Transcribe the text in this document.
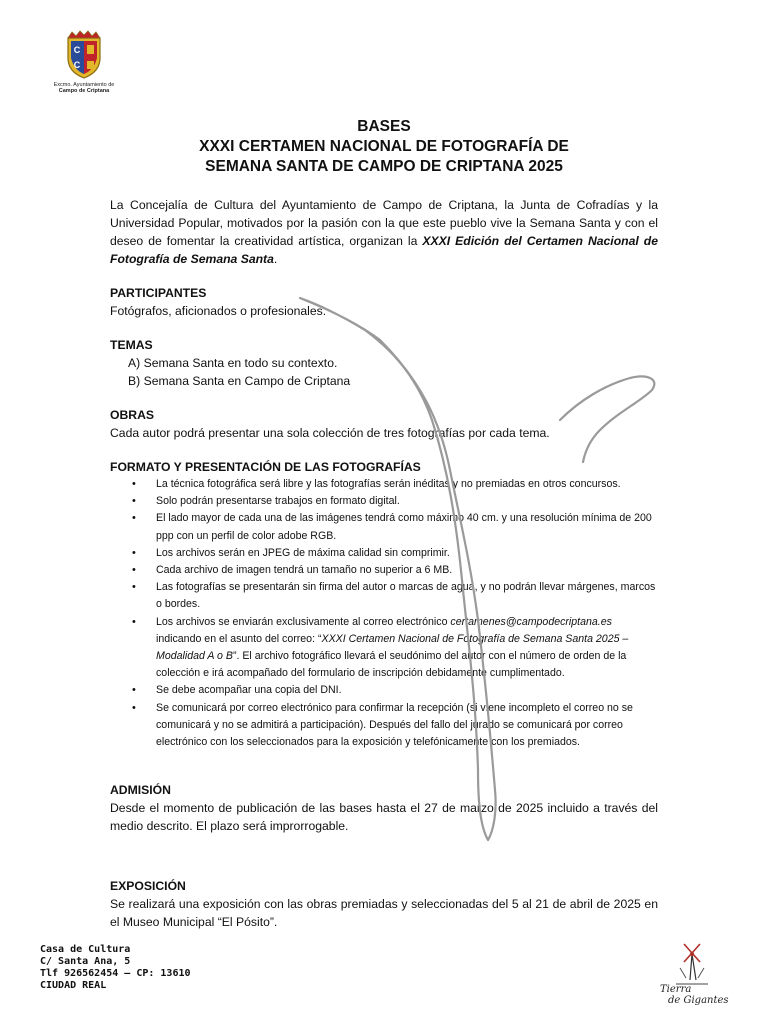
C
C
Excmo. Ayuntamiento de
Campo de Criptana
BASES
XXXI CERTAMEN NACIONAL DE FOTOGRAFÍA DE
SEMANA SANTA DE CAMPO DE CRIPTANA 2025

La Concejalía de Cultura del Ayuntamiento de Campo de Criptana, la Junta de Cofradías y la Universidad Popular, motivados por la pasión con la que este pueblo vive la Semana Santa y con el deseo de fomentar la creatividad artística, organizan la XXXI Edición del Certamen Nacional de Fotografía de Semana Santa.

PARTICIPANTES

Fotógrafos, aficionados o profesionales.

TEMAS

A) Semana Santa en todo su contexto.

B) Semana Santa en Campo de Criptana

OBRAS

Cada autor podrá presentar una sola colección de tres fotografías por cada tema.

FORMATO Y PRESENTACIÓN DE LAS FOTOGRAFÍAS

• La técnica fotográfica será libre y las fotografías serán inéditas y no premiadas en otros concursos.
• Solo podrán presentarse trabajos en formato digital.
• El lado mayor de cada una de las imágenes tendrá como máximo 40 cm. y una resolución mínima de 200 ppp con un perfil de color adobe RGB.
• Los archivos serán en JPEG de máxima calidad sin comprimir.
• Cada archivo de imagen tendrá un tamaño no superior a 6 MB.
• Las fotografías se presentarán sin firma del autor o marcas de agua, y no podrán llevar márgenes, marcos o bordes.
• Los archivos se enviarán exclusivamente al correo electrónico certamenes@campodecriptana.es indicando en el asunto del correo: “XXXI Certamen Nacional de Fotografía de Semana Santa 2025 – Modalidad A o B”. El archivo fotográfico llevará el seudónimo del autor con el número de orden de la colección e irá acompañado del formulario de inscripción debidamente cumplimentado.
• Se debe acompañar una copia del DNI.
• Se comunicará por correo electrónico para confirmar la recepción (si viene incompleto el correo no se comunicará y no se admitirá a participación). Después del fallo del jurado se comunicará por correo electrónico con los seleccionados para la exposición y telefónicamente con los premiados.

ADMISIÓN

Desde el momento de publicación de las bases hasta el 27 de marzo de 2025 incluido a través del medio descrito. El plazo será improrrogable.

EXPOSICIÓN

Se realizará una exposición con las obras premiadas y seleccionadas del 5 al 21 de abril de 2025 en el Museo Municipal “El Pósito”.

Casa de Cultura
C/ Santa Ana, 5
Tlf 926562454 – CP: 13610
CIUDAD REAL	Tierra
de Gigantes
